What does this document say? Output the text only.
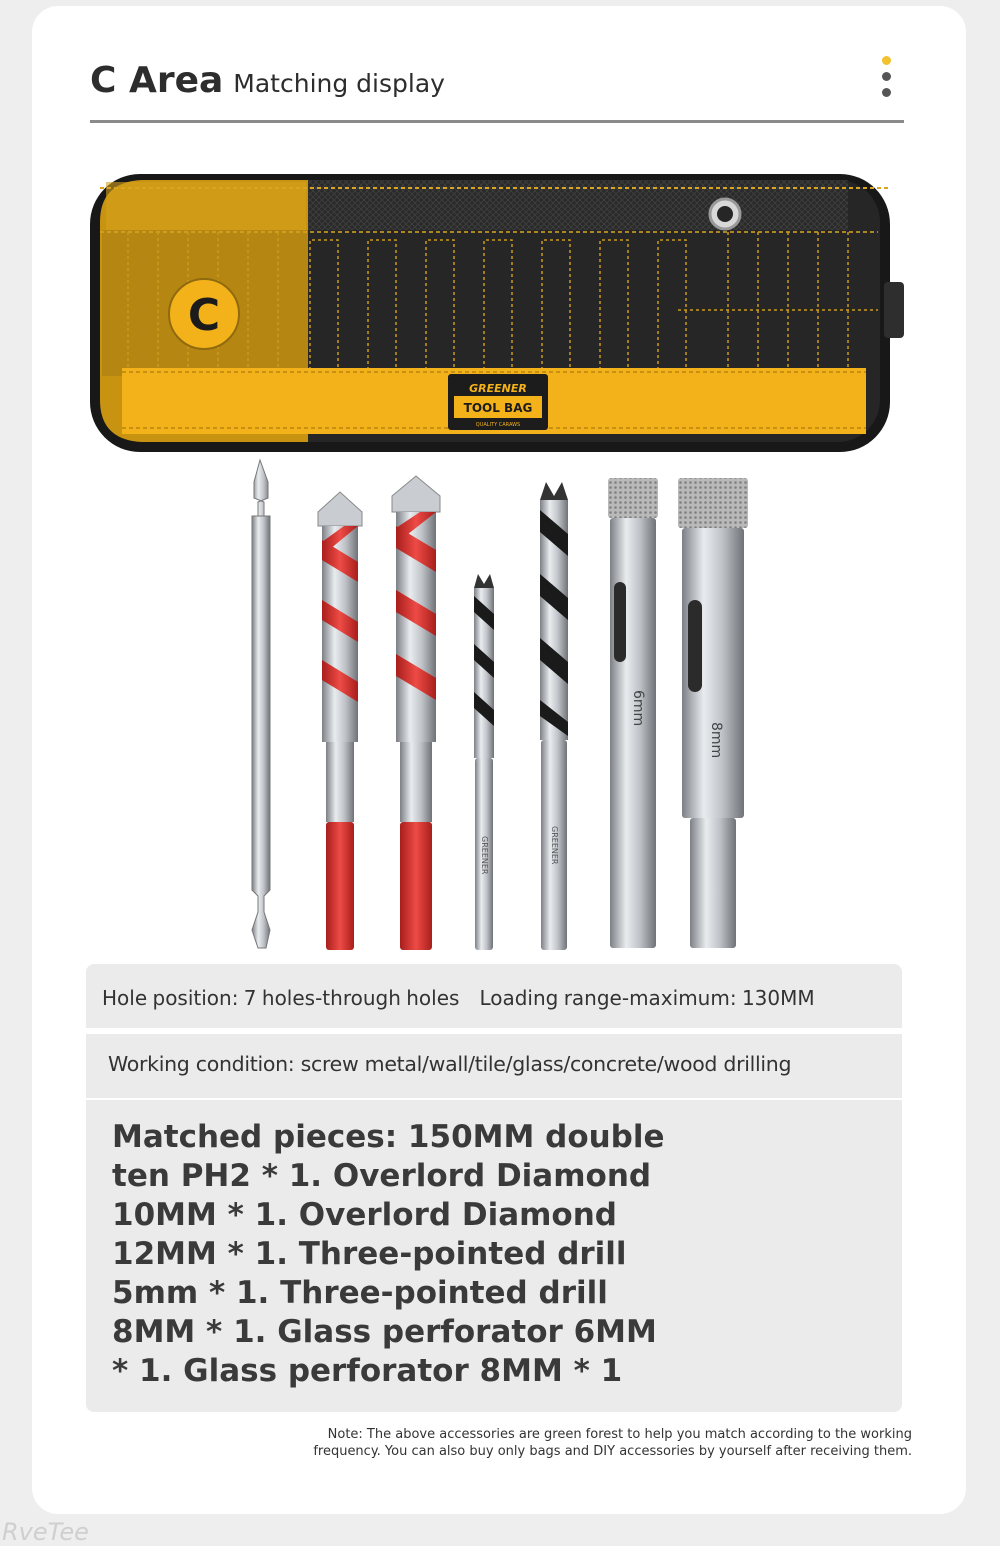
C Area Matching display
C
GREENER
TOOL BAG
QUALITY CARAWS
GREENER	GREENER
6mm
8mm
Hole position: 7 holes-through holes Loading range-maximum: 130MM
Working condition: screw metal/wall/tile/glass/concrete/wood drilling
Matched pieces: 150MM double
ten PH2 * 1. Overlord Diamond
10MM * 1. Overlord Diamond
12MM * 1. Three-pointed drill
5mm * 1. Three-pointed drill
8MM * 1. Glass perforator 6MM
* 1. Glass perforator 8MM * 1
Note: The above accessories are green forest to help you match according to the working
frequency. You can also buy only bags and DIY accessories by yourself after receiving them.
RveTee
